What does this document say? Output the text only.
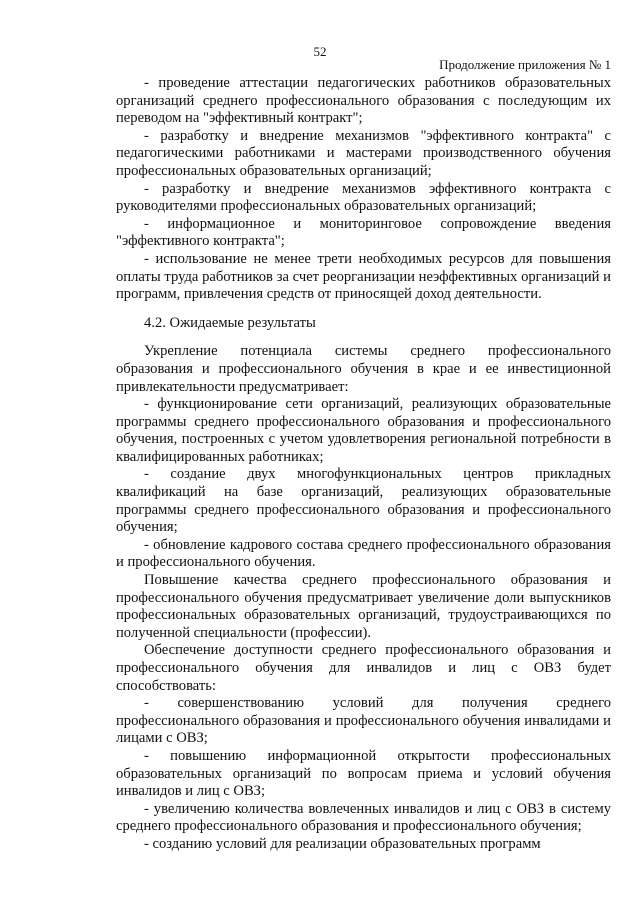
52
Продолжение приложения № 1

- проведение аттестации педагогических работников образовательных организаций среднего профессионального образования с последующим их переводом на "эффективный контракт";

- разработку и внедрение механизмов "эффективного контракта" с педагогическими работниками и мастерами производственного обучения профессиональных образовательных организаций;

- разработку и внедрение механизмов эффективного контракта с руководителями профессиональных образовательных организаций;

- информационное и мониторинговое сопровождение введения "эффективного контракта";

- использование не менее трети необходимых ресурсов для повышения оплаты труда работников за счет реорганизации неэффективных организаций и программ, привлечения средств от приносящей доход деятельности.

4.2. Ожидаемые результаты

Укрепление потенциала системы среднего профессионального образования и профессионального обучения в крае и ее инвестиционной привлекательности предусматривает:

- функционирование сети организаций, реализующих образовательные программы среднего профессионального образования и профессионального обучения, построенных с учетом удовлетворения региональной потребности в квалифицированных работниках;

- создание двух многофункциональных центров прикладных квалификаций на базе организаций, реализующих образовательные программы среднего профессионального образования и профессионального обучения;

- обновление кадрового состава среднего профессионального образования и профессионального обучения.

Повышение качества среднего профессионального образования и профессионального обучения предусматривает увеличение доли выпускников профессиональных образовательных организаций, трудоустраивающихся по полученной специальности (профессии).

Обеспечение доступности среднего профессионального образования и профессионального обучения для инвалидов и лиц с ОВЗ будет способствовать:

- совершенствованию условий для получения среднего профессионального образования и профессионального обучения инвалидами и лицами с ОВЗ;

- повышению информационной открытости профессиональных образовательных организаций по вопросам приема и условий обучения инвалидов и лиц с ОВЗ;

- увеличению количества вовлеченных инвалидов и лиц с ОВЗ в систему среднего профессионального образования и профессионального обучения;

- созданию условий для реализации образовательных программ
